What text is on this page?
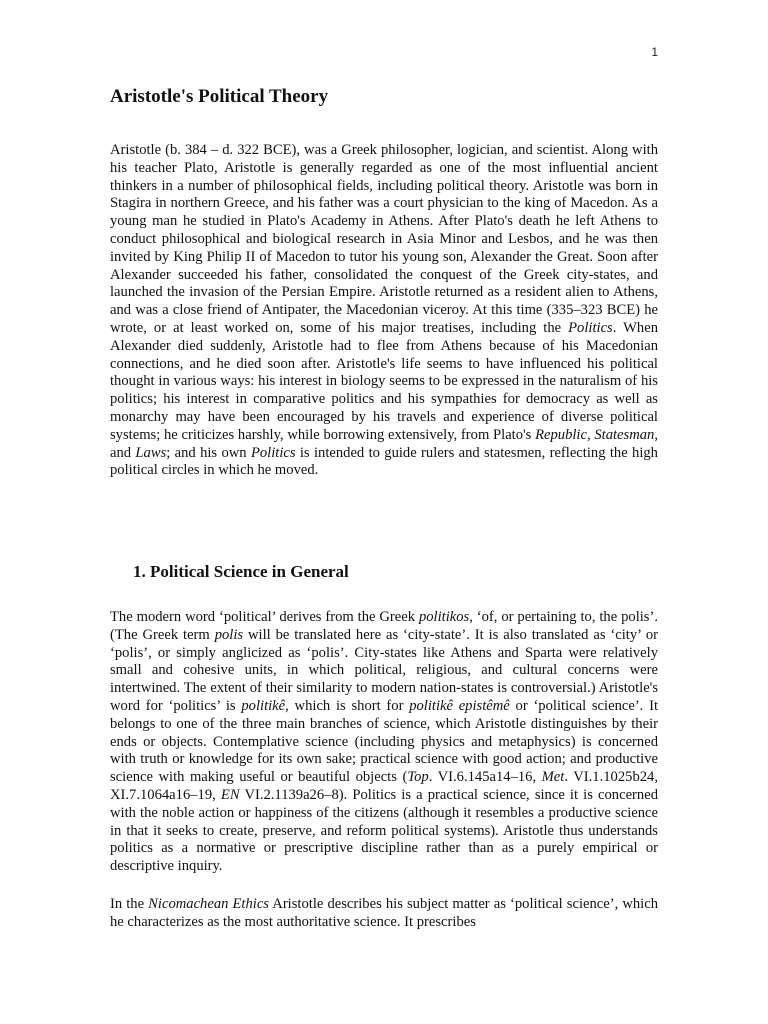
1
Aristotle's Political Theory

Aristotle (b. 384 – d. 322 BCE), was a Greek philosopher, logician, and scientist. Along with his teacher Plato, Aristotle is generally regarded as one of the most influential ancient thinkers in a number of philosophical fields, including political theory. Aristotle was born in Stagira in northern Greece, and his father was a court physician to the king of Macedon. As a young man he studied in Plato's Academy in Athens. After Plato's death he left Athens to conduct philosophical and biological research in Asia Minor and Lesbos, and he was then invited by King Philip II of Macedon to tutor his young son, Alexander the Great. Soon after Alexander succeeded his father, consolidated the conquest of the Greek city-states, and launched the invasion of the Persian Empire. Aristotle returned as a resident alien to Athens, and was a close friend of Antipater, the Macedonian viceroy. At this time (335–323 BCE) he wrote, or at least worked on, some of his major treatises, including the Politics. When Alexander died suddenly, Aristotle had to flee from Athens because of his Macedonian connections, and he died soon after. Aristotle's life seems to have influenced his political thought in various ways: his interest in biology seems to be expressed in the naturalism of his politics; his interest in comparative politics and his sympathies for democracy as well as monarchy may have been encouraged by his travels and experience of diverse political systems; he criticizes harshly, while borrowing extensively, from Plato's Republic, Statesman, and Laws; and his own Politics is intended to guide rulers and statesmen, reflecting the high political circles in which he moved.

1. Political Science in General

The modern word ‘political’ derives from the Greek politikos, ‘of, or pertaining to, the polis’. (The Greek term polis will be translated here as ‘city-state’. It is also translated as ‘city’ or ‘polis’, or simply anglicized as ‘polis’. City-states like Athens and Sparta were relatively small and cohesive units, in which political, religious, and cultural concerns were intertwined. The extent of their similarity to modern nation-states is controversial.) Aristotle's word for ‘politics’ is politikê, which is short for politikê epistêmê or ‘political science’. It belongs to one of the three main branches of science, which Aristotle distinguishes by their ends or objects. Contemplative science (including physics and metaphysics) is concerned with truth or knowledge for its own sake; practical science with good action; and productive science with making useful or beautiful objects (Top. VI.6.145a14–16, Met. VI.1.1025b24, XI.7.1064a16–19, EN VI.2.1139a26–8). Politics is a practical science, since it is concerned with the noble action or happiness of the citizens (although it resembles a productive science in that it seeks to create, preserve, and reform political systems). Aristotle thus understands politics as a normative or prescriptive discipline rather than as a purely empirical or descriptive inquiry.

In the Nicomachean Ethics Aristotle describes his subject matter as ‘political science’, which he characterizes as the most authoritative science. It prescribes
